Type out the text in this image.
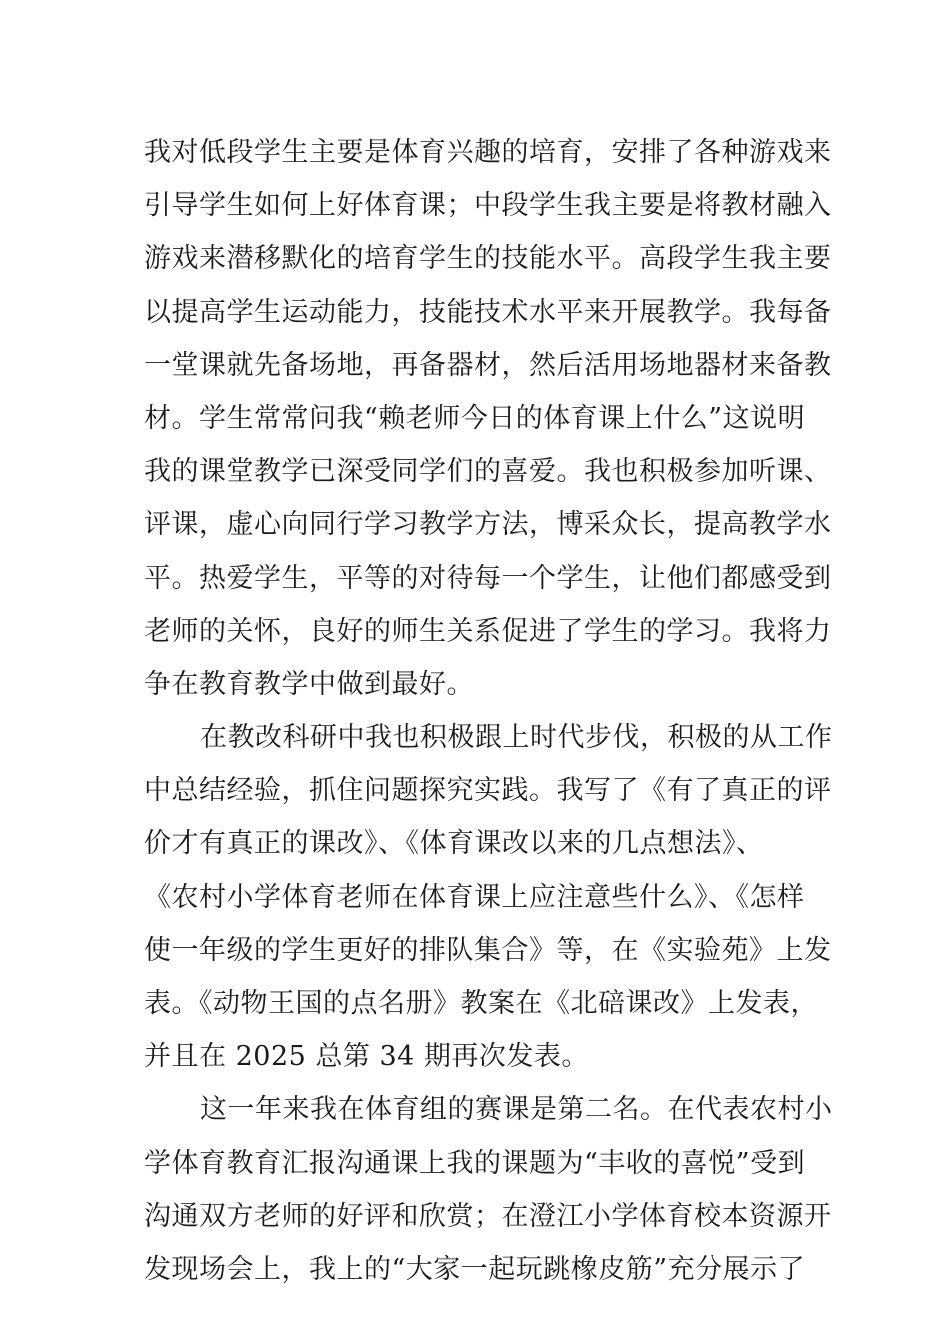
我对低段学生主要是体育兴趣的培育，安排了各种游戏来
引导学生如何上好体育课；中段学生我主要是将教材融入
游戏来潜移默化的培育学生的技能水平。高段学生我主要
以提高学生运动能力，技能技术水平来开展教学。我每备
一堂课就先备场地，再备器材，然后活用场地器材来备教
材。学生常常问我“赖老师今日的体育课上什么”这说明
我的课堂教学已深受同学们的喜爱。我也积极参加听课、
评课，虚心向同行学习教学方法，博采众长，提高教学水
平。热爱学生，平等的对待每一个学生，让他们都感受到
老师的关怀，良好的师生关系促进了学生的学习。我将力
争在教育教学中做到最好。
在教改科研中我也积极跟上时代步伐，积极的从工作
中总结经验，抓住问题探究实践。我写了《有了真正的评
价才有真正的课改》、《体育课改以来的几点想法》、
《农村小学体育老师在体育课上应注意些什么》、《怎样
使一年级的学生更好的排队集合》等，在《实验苑》上发
表。《动物王国的点名册》教案在《北碚课改》上发表，
并且在 2025 总第 34 期再次发表。
这一年来我在体育组的赛课是第二名。在代表农村小
学体育教育汇报沟通课上我的课题为“丰收的喜悦”受到
沟通双方老师的好评和欣赏；在澄江小学体育校本资源开
发现场会上，我上的“大家一起玩跳橡皮筋”充分展示了
